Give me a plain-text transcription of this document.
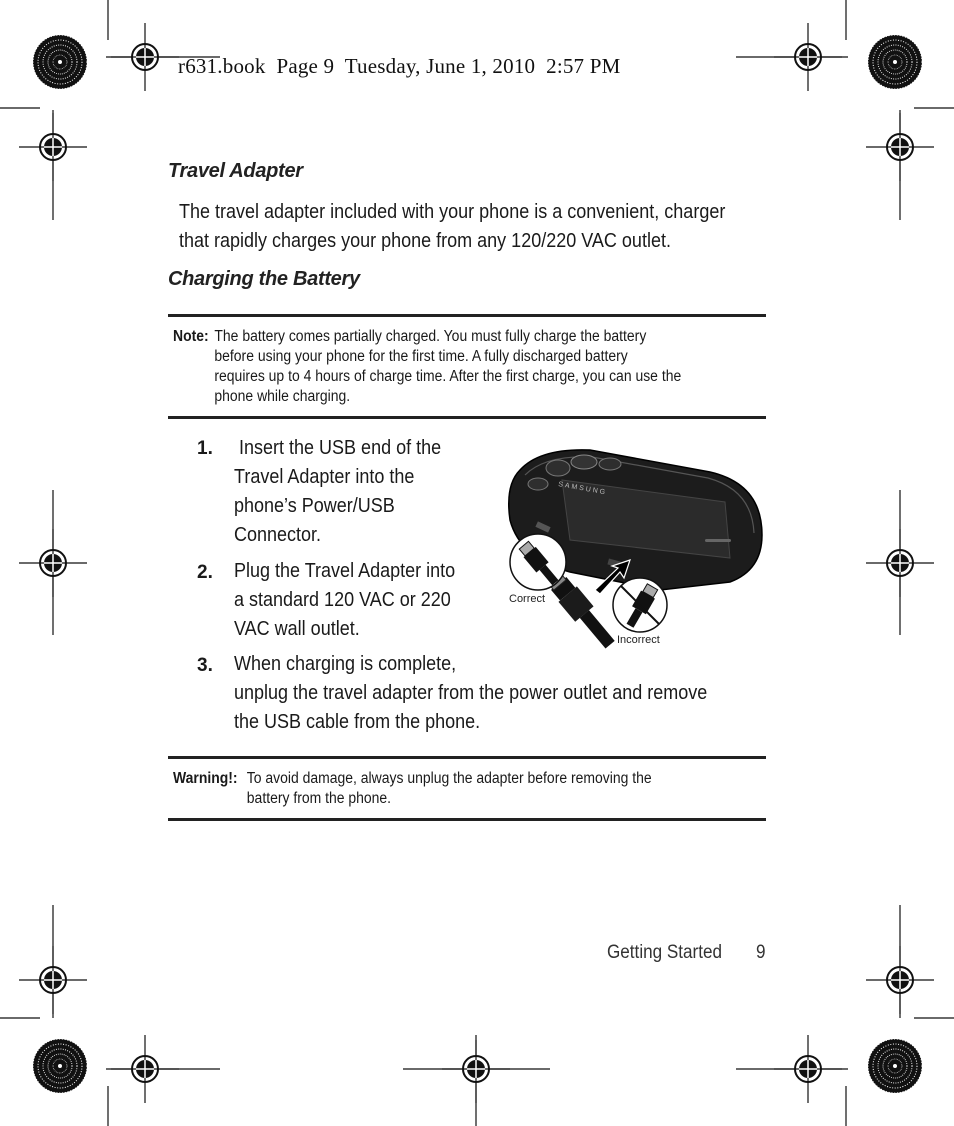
r631.book  Page 9  Tuesday, June 1, 2010  2:57 PM
Travel Adapter
The travel adapter included with your phone is a convenient, charger
that rapidly charges your phone from any 120/220 VAC outlet.
Charging the Battery
Note: The battery comes partially charged. You must fully charge the battery
before using your phone for the first time. A fully discharged battery
requires up to 4 hours of charge time. After the first charge, you can use the
phone while charging.
1. Insert the USB end of the
Travel Adapter into the
phone’s Power/USB
Connector.
2. Plug the Travel Adapter into
a standard 120 VAC or 220
VAC wall outlet.
3. When charging is complete,
unplug the travel adapter from the power outlet and remove
the USB cable from the phone.
SAMSUNG
Correct
Incorrect
Warning!: To avoid damage, always unplug the adapter before removing the
battery from the phone.
Getting Started 9
